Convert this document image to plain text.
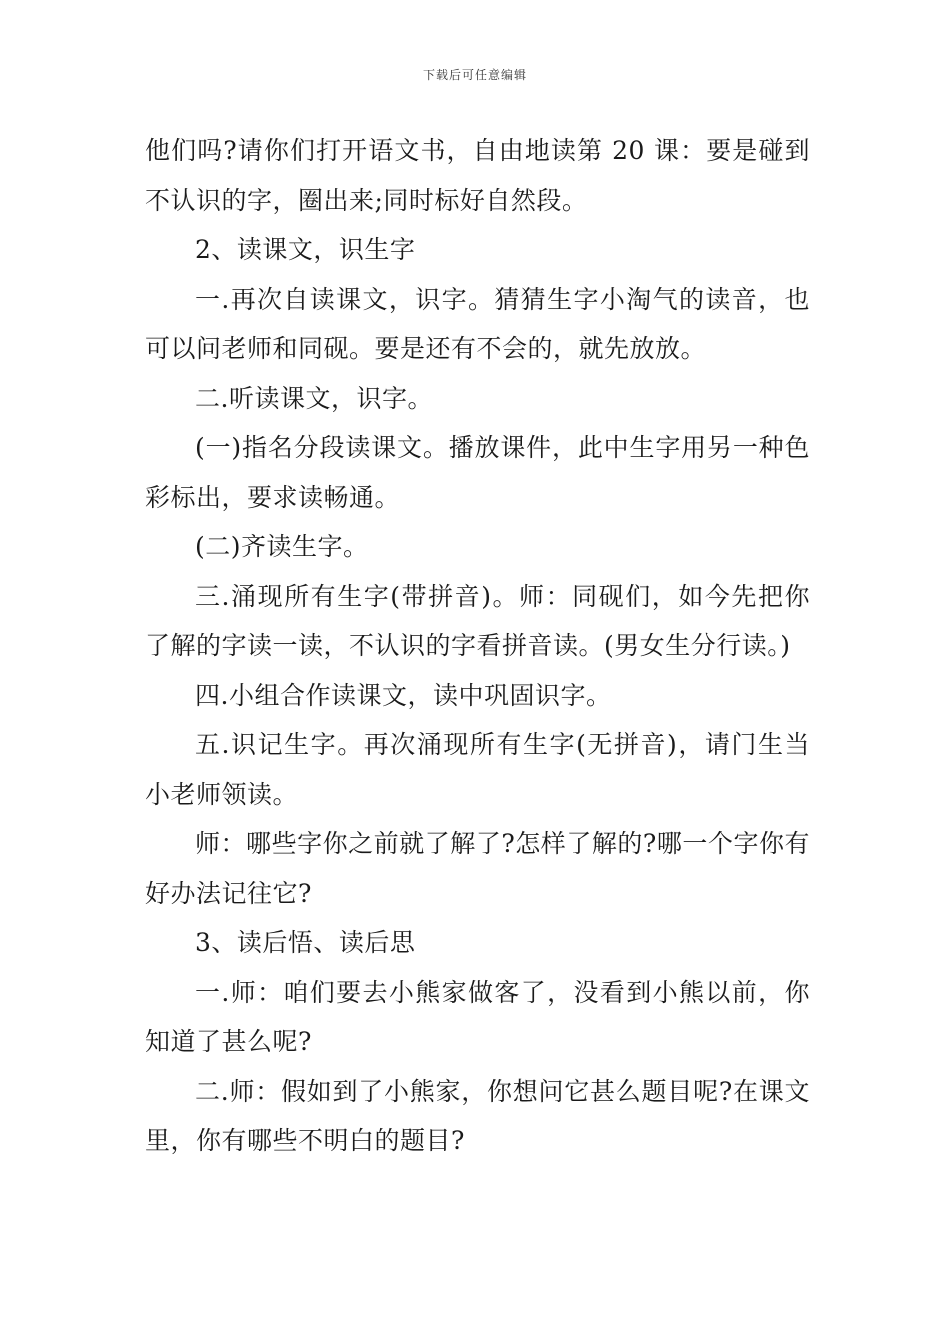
下载后可任意编辑

他们吗?请你们打开语文书，自由地读第 20 课：要是碰到不认识的字，圈出来;同时标好自然段。

2、读课文，识生字

一.再次自读课文，识字。猜猜生字小淘气的读音，也可以问老师和同砚。要是还有不会的，就先放放。

二.听读课文，识字。

(一)指名分段读课文。播放课件，此中生字用另一种色彩标出，要求读畅通。

(二)齐读生字。

三.涌现所有生字(带拼音)。师：同砚们，如今先把你了解的字读一读，不认识的字看拼音读。(男女生分行读。)

四.小组合作读课文，读中巩固识字。

五.识记生字。再次涌现所有生字(无拼音)，请门生当小老师领读。

师：哪些字你之前就了解了?怎样了解的?哪一个字你有好办法记往它?

3、读后悟、读后思

一.师：咱们要去小熊家做客了，没看到小熊以前，你知道了甚么呢?

二.师：假如到了小熊家，你想问它甚么题目呢?在课文里，你有哪些不明白的题目?
